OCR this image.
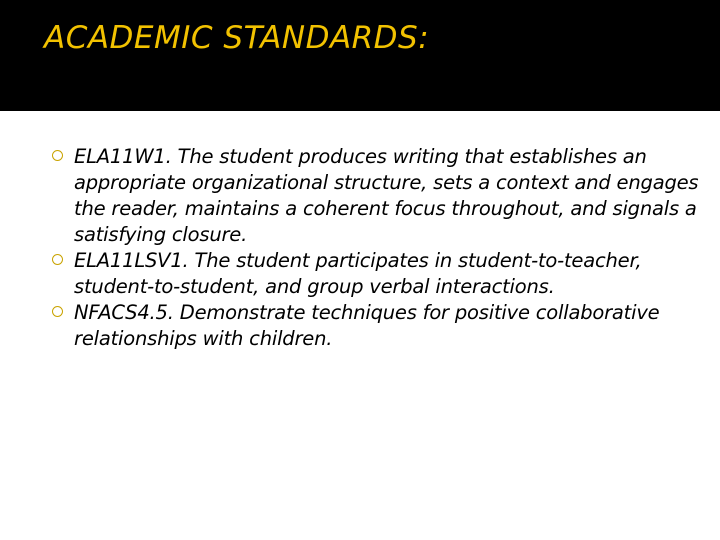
ACADEMIC STANDARDS:
ELA11W1. The student produces writing that establishes an appropriate organizational structure, sets a context and engages the reader, maintains a coherent focus throughout, and signals a satisfying closure.
ELA11LSV1. The student participates in student-to-teacher, student-to-student, and group verbal interactions.
NFACS4.5. Demonstrate techniques for positive collaborative relationships with children.
